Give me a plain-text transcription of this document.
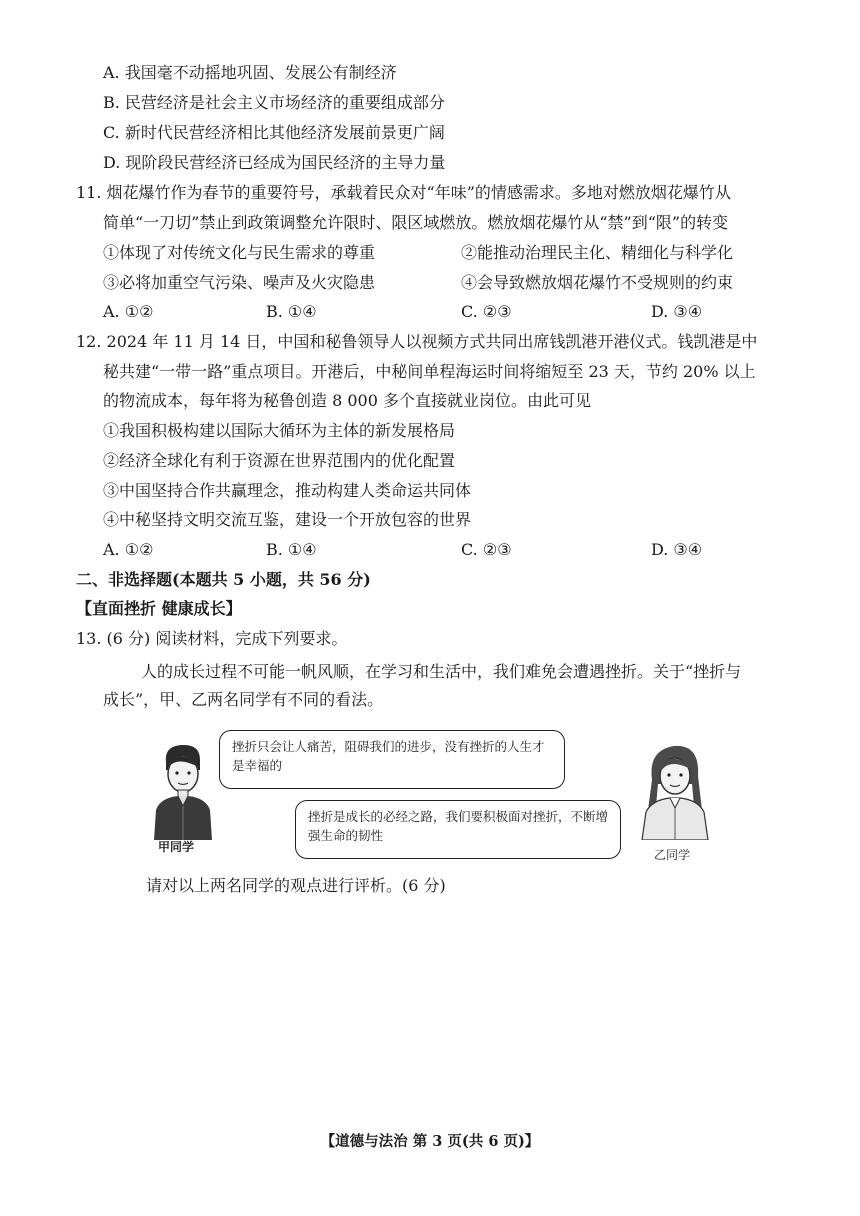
A. 我国毫不动摇地巩固、发展公有制经济
B. 民营经济是社会主义市场经济的重要组成部分
C. 新时代民营经济相比其他经济发展前景更广阔
D. 现阶段民营经济已经成为国民经济的主导力量
11. 烟花爆竹作为春节的重要符号，承载着民众对“年味”的情感需求。多地对燃放烟花爆竹从
简单“一刀切”禁止到政策调整允许限时、限区域燃放。燃放烟花爆竹从“禁”到“限”的转变
①体现了对传统文化与民生需求的尊重	②能推动治理民主化、精细化与科学化
③必将加重空气污染、噪声及火灾隐患	④会导致燃放烟花爆竹不受规则的约束
A. ①②	B. ①④	C. ②③	D. ③④
12. 2024 年 11 月 14 日，中国和秘鲁领导人以视频方式共同出席钱凯港开港仪式。钱凯港是中
秘共建“一带一路”重点项目。开港后，中秘间单程海运时间将缩短至 23 天，节约 20% 以上
的物流成本，每年将为秘鲁创造 8 000 多个直接就业岗位。由此可见
①我国积极构建以国际大循环为主体的新发展格局
②经济全球化有利于资源在世界范围内的优化配置
③中国坚持合作共赢理念，推动构建人类命运共同体
④中秘坚持文明交流互鉴，建设一个开放包容的世界
A. ①②	B. ①④	C. ②③	D. ③④
二、非选择题(本题共 5 小题，共 56 分)
【直面挫折 健康成长】
13. (6 分) 阅读材料，完成下列要求。
人的成长过程不可能一帆风顺，在学习和生活中，我们难免会遭遇挫折。关于“挫折与
成长”，甲、乙两名同学有不同的看法。
甲同学
挫折只会让人痛苦，阻碍我们的进步，没有挫折的人生才是幸福的
乙同学
挫折是成长的必经之路，我们要积极面对挫折，不断增强生命的韧性
请对以上两名同学的观点进行评析。(6 分)
【道德与法治 第 3 页(共 6 页)】
